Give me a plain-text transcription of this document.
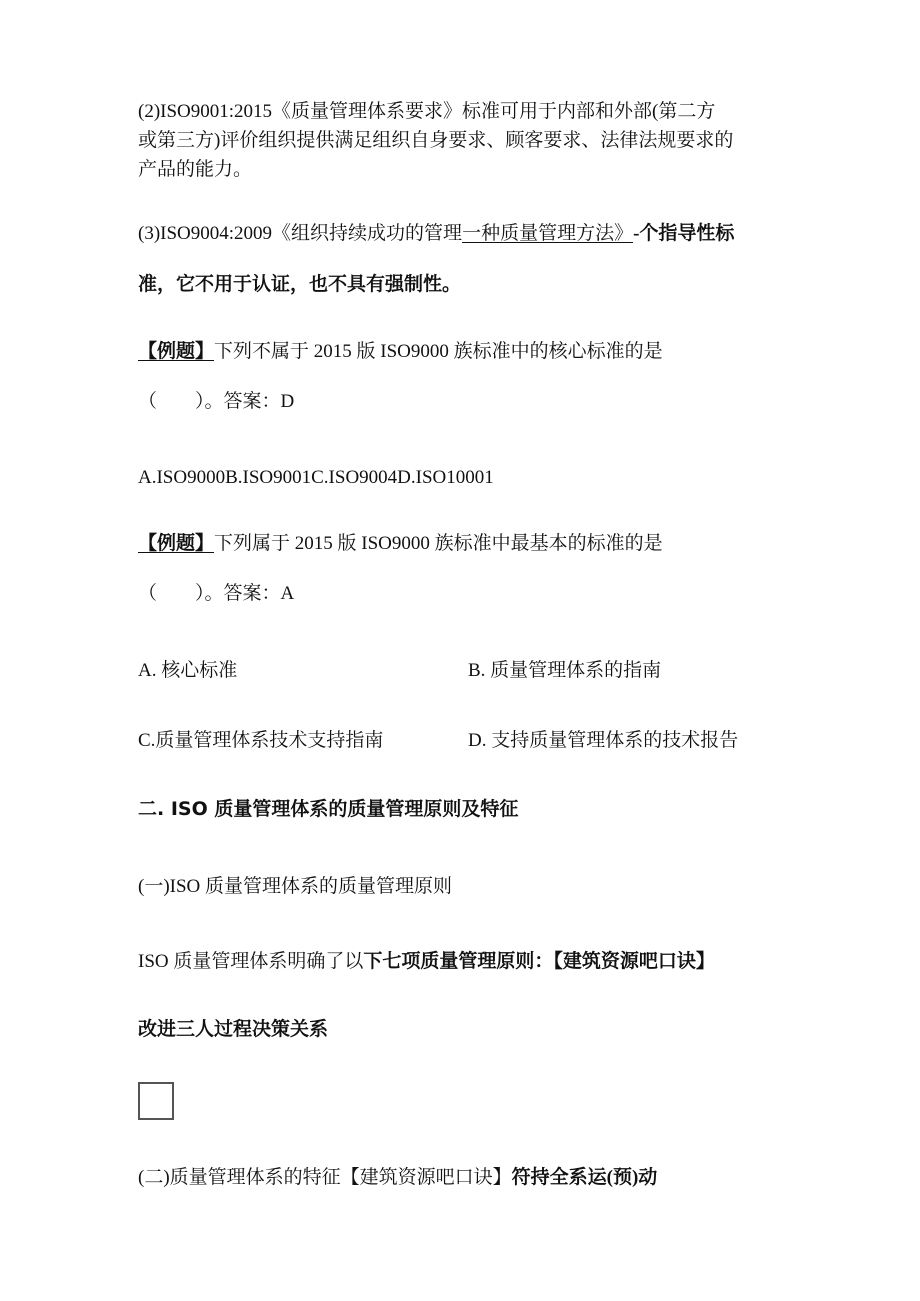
(2)ISO9001:2015《质量管理体系要求》标准可用于内部和外部(第二方
或第三方)评价组织提供满足组织自身要求、顾客要求、法律法规要求的
产品的能力。
(3)ISO9004:2009《组织持续成功的管理一种质量管理方法》-个指导性标
准，它不用于认证，也不具有强制性。
【例题】下列不属于 2015 版 ISO9000 族标准中的核心标准的是
（　　）。答案：D
A.ISO9000B.ISO9001C.ISO9004D.ISO10001
【例题】下列属于 2015 版 ISO9000 族标准中最基本的标准的是
（　　）。答案：A
A. 核心标准	B. 质量管理体系的指南
C.质量管理体系技术支持指南	D. 支持质量管理体系的技术报告
二. ISO 质量管理体系的质量管理原则及特征
(一)ISO 质量管理体系的质量管理原则
ISO 质量管理体系明确了以下七项质量管理原则：【建筑资源吧口诀】
改进三人过程决策关系
(二)质量管理体系的特征【建筑资源吧口诀】符持全系运(预)动
